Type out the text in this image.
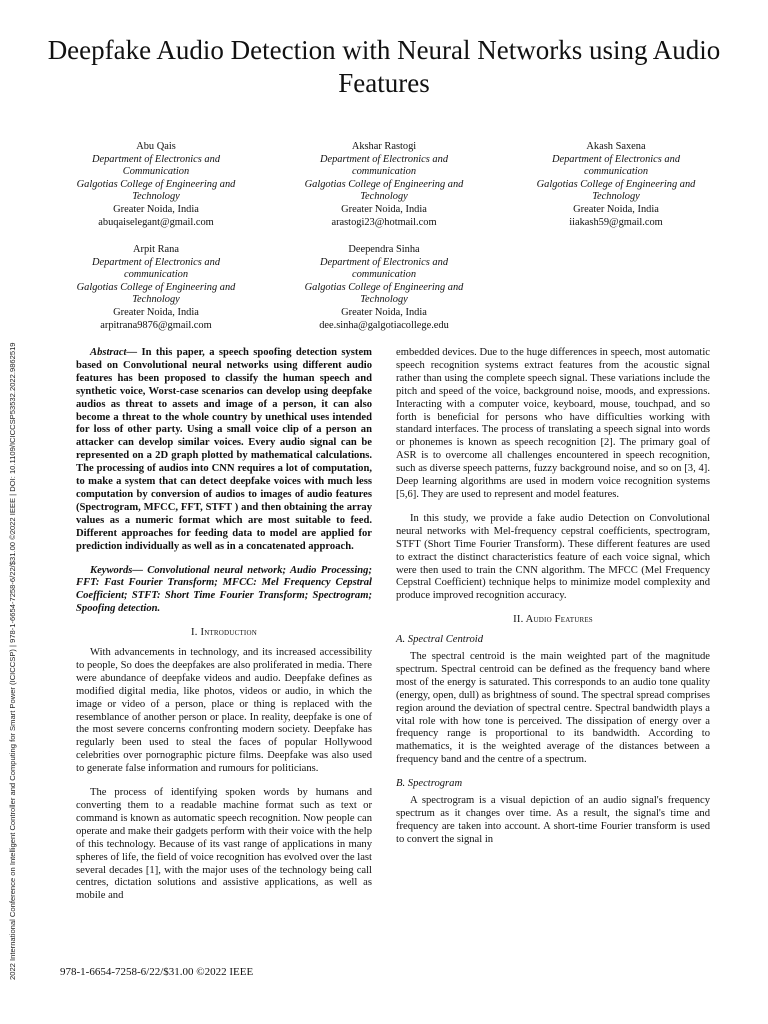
2022 International Conference on Intelligent Controller and Computing for Smart Power (ICICCSP) | 978-1-6654-7258-6/22/$31.00 ©2022 IEEE | DOI: 10.1109/ICICCSP53532.2022.9862519
Deepfake Audio Detection with Neural Networks using Audio Features
Abu Qais
Department of Electronics and
Communication
Galgotias College of Engineering and
Technology
Greater Noida, India
abuqaiselegant@gmail.com
Akshar Rastogi
Department of Electronics and
communication
Galgotias College of Engineering and
Technology
Greater Noida, India
arastogi23@hotmail.com
Akash Saxena
Department of Electronics and
communication
Galgotias College of Engineering and
Technology
Greater Noida, India
iiakash59@gmail.com
Arpit Rana
Department of Electronics and
communication
Galgotias College of Engineering and
Technology
Greater Noida, India
arpitrana9876@gmail.com
Deependra Sinha
Department of Electronics and
communication
Galgotias College of Engineering and
Technology
Greater Noida, India
dee.sinha@galgotiacollege.edu

Abstract— In this paper, a speech spoofing detection system based on Convolutional neural networks using different audio features has been proposed to classify the human speech and synthetic voice, Worst-case scenarios can develop using deepfake audios as threat to assets and image of a person, it can also become a threat to the whole country by unethical uses intended for loss of other party. Using a small voice clip of a person an attacker can develop similar voices. Every audio signal can be represented on a 2D graph plotted by mathematical calculations. The processing of audios into CNN requires a lot of computation, to make a system that can detect deepfake voices with much less computation by conversion of audios to images of audio features (Spectrogram, MFCC, FFT, STFT ) and then obtaining the array values as a numeric format which are most suitable to feed. Different approaches for feeding data to model are applied for prediction individually as well as in a concatenated approach.

Keywords— Convolutional neural network; Audio Processing; FFT: Fast Fourier Transform; MFCC: Mel Frequency Cepstral Coefficient; STFT: Short Time Fourier Transform; Spectrogram; Spoofing detection.

I. Introduction

With advancements in technology, and its increased accessibility to people, So does the deepfakes are also proliferated in media. There were abundance of deepfake videos and audio. Deepfake defines as modified digital media, like photos, videos or audio, in which the image or video of a person, place or thing is replaced with the resemblance of another person or place. In reality, deepfake is one of the most severe concerns confronting modern society. Deepfake has regularly been used to steal the faces of popular Hollywood celebrities over pornographic picture films. Deepfake was also used to generate false information and rumours for politicians.

The process of identifying spoken words by humans and converting them to a readable machine format such as text or command is known as automatic speech recognition. Now people can operate and make their gadgets perform with their voice with the help of this technology. Because of its vast range of applications in many spheres of life, the field of voice recognition has evolved over the last several decades [1], with the major uses of the technology being call centres, dictation solutions and assistive applications, as well as mobile and

embedded devices. Due to the huge differences in speech, most automatic speech recognition systems extract features from the acoustic signal rather than using the complete speech signal. These variations include the pitch and speed of the voice, background noise, moods, and expressions. Interacting with a computer voice, keyboard, mouse, touchpad, and so forth is beneficial for persons who have difficulties working with standard interfaces. The process of translating a speech signal into words or phonemes is known as speech recognition [2]. The primary goal of ASR is to overcome all challenges encountered in speech recognition, such as diverse speech patterns, fuzzy background noise, and so on [3, 4]. Deep learning algorithms are used in modern voice recognition systems [5,6]. They are used to represent and model features.

In this study, we provide a fake audio Detection on Convolutional neural networks with Mel-frequency cepstral coefficients, spectrogram, STFT (Short Time Fourier Transform). These different features are used to extract the distinct characteristics feature of each voice signal, which were then used to train the CNN algorithm. The MFCC (Mel Frequency Cepstral Coefficient) technique helps to minimize model complexity and produce improved recognition accuracy.

II. Audio Features
A. Spectral Centroid

The spectral centroid is the main weighted part of the magnitude spectrum. Spectral centroid can be defined as the frequency band where most of the energy is saturated. This corresponds to an audio tone quality (energy, open, dull) as brightness of sound. The spectral spread comprises region around the deviation of spectral centre. Spectral bandwidth plays a vital role with how tone is perceived. The dissipation of energy over a frequency range is proportional to its bandwidth. According to mathematics, it is the weighted average of the distances between a frequency band and the centre of a spectrum.

B. Spectrogram

A spectrogram is a visual depiction of an audio signal's frequency spectrum as it changes over time. As a result, the signal's time and frequency are taken into account. A short-time Fourier transform is used to convert the signal in

978-1-6654-7258-6/22/$31.00 ©2022 IEEE
